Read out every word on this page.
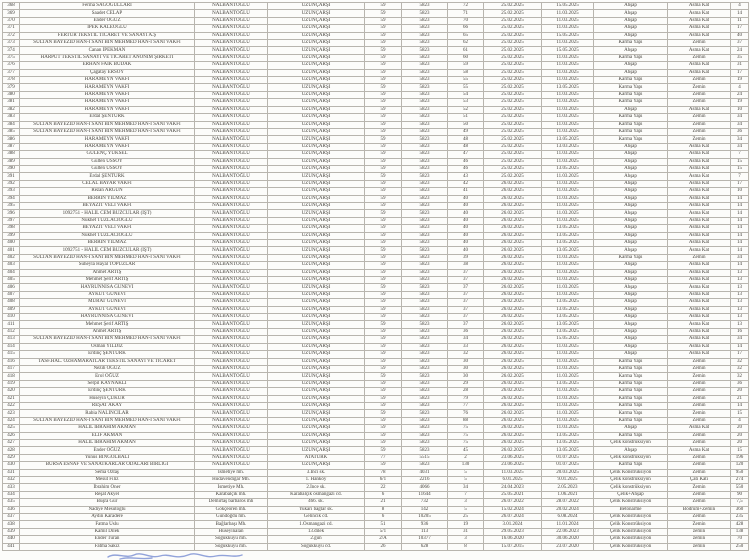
368	Feriha SAĞOĞULLARI	NALBANTOĞLU	UZUNÇARŞI	59	5823	72	25.02.2025	15.05.2025	Ahşap	Asma Kat	4
369	Saadet CELAP	NALBANTOĞLU	UZUNÇARŞI	59	5823	71	25.02.2025	11.03.2025	Ahşap	Asma Kat	14
370	Ender OĞUZ	NALBANTOĞLU	UZUNÇARŞI	59	5823	70	25.02.2025	11.03.2025	Ahşap	Asma Kat	11
371	İPEK KALEOĞLU	NALBANTOĞLU	UZUNÇARŞI	59	5823	66	25.02.2025	11.03.2025	Ahşap	Asma Kat	17
372	FERTUR TEKSTİL TİCARET VE SANAYİ A.Ş	NALBANTOĞLU	UZUNÇARŞI	59	5823	65	25.02.2025	15.05.2025	Ahşap	Asma Kat	40
373	SULTAN BAYEZİD HAN-I SANİ BİN MEHMED HAN-I SANİ VAKFI	NALBANTOĞLU	UZUNÇARŞI	59	5823	62	25.02.2025	11.03.2025	Karma Yapı	Zemin	37
374	Canan İPEKMAN	NALBANTOĞLU	UZUNÇARŞI	59	5823	61	25.02.2025	15.05.2025	Ahşap	Asma Kat	24
375	HARPUT TEKSTİL SANAYİ VE TİCARET ANONİM ŞİRKETİ	NALBANTOĞLU	UZUNÇARŞI	59	5823	60	25.02.2025	11.03.2025	Karma Yapı	Zemin	35
376	ERHAN FAİK BUDAK	NALBANTOĞLU	UZUNÇARŞI	59	5823	59	25.02.2025	11.03.2025	Ahşap	Asma Kat	31
377	Çağatay ERSOY	NALBANTOĞLU	UZUNÇARŞI	59	5823	58	25.02.2025	11.03.2025	Ahşap	Asma Kat	17
378	HARAMEYN VAKFI	NALBANTOĞLU	UZUNÇARŞI	59	5823	55	25.02.2025	11.03.2025	Karma Yapı	Zemin	19
379	HARAMEYN VAKFI	NALBANTOĞLU	UZUNÇARŞI	59	5823	55	25.02.2025	13.05.2025	Karma Yapı	Zemin	4
380	HARAMEYN VAKFI	NALBANTOĞLU	UZUNÇARŞI	59	5823	54	25.02.2025	11.03.2025	Karma Yapı	Zemin	24
381	HARAMEYN VAKFI	NALBANTOĞLU	UZUNÇARŞI	59	5823	53	25.02.2025	11.03.2025	Karma Yapı	Zemin	19
382	HARAMEYN VAKFI	NALBANTOĞLU	UZUNÇARŞI	59	5823	52	25.02.2025	11.03.2025	Ahşap	Asma Kat	10
383	Erdal ŞENTÜRK	NALBANTOĞLU	UZUNÇARŞI	59	5823	51	25.02.2025	11.03.2025	Karma Yapı	Zemin	34
384	SULTAN BAYEZİD HAN-I SANİ BİN MEHMED HAN-I SANİ VAKFI	NALBANTOĞLU	UZUNÇARŞI	59	5823	50	25.02.2025	11.03.2025	Karma Yapı	Zemin	34
385	SULTAN BAYEZİD HAN-I SANİ BİN MEHMED HAN-I SANİ VAKFI	NALBANTOĞLU	UZUNÇARŞI	59	5823	49	25.02.2025	11.03.2025	Karma Yapı	Zemin	36
386	HARAMEYN VAKFI	NALBANTOĞLU	UZUNÇARŞI	59	5823	48	25.02.2025	13.05.2025	Karma Yapı	Zemin	34
387	HARAMEYN VAKFI	NALBANTOĞLU	UZUNÇARŞI	59	5823	48	25.02.2025	13.03.2025	Ahşap	Asma Kat	34
388	GÜLENÇ YÜKSEL	NALBANTOĞLU	UZUNÇARŞI	59	5823	47	25.02.2025	11.03.2025	Ahşap	Asma Kat	7
389	Gülten USSOY	NALBANTOĞLU	UZUNÇARŞI	59	5823	46	25.02.2025	11.03.2025	Ahşap	Asma Kat	15
390	Gülten USSOY	NALBANTOĞLU	UZUNÇARŞI	59	5823	46	25.02.2025	13.05.2025	Ahşap	Asma Kat	15
391	Erdal ŞENTÜRK	NALBANTOĞLU	UZUNÇARŞI	59	5823	43	25.02.2025	11.03.2025	Ahşap	Asma Kat	7
392	CELAL BAYAR VAKFI	NALBANTOĞLU	UZUNÇARŞI	59	5823	42	26.02.2025	11.03.2025	Ahşap	Asma Kat	17
393	Rezan ARGUN	NALBANTOĞLU	UZUNÇARŞI	59	5823	41	26.02.2025	11.03.2025	Ahşap	Asma Kat	10
394	BERRİN YILMAZ	NALBANTOĞLU	UZUNÇARŞI	59	5823	40	26.02.2025	11.03.2025	Ahşap	Asma Kat	14
395	BEYAZIT VELİ VAKFI	NALBANTOĞLU	UZUNÇARŞI	59	5823	40	26.02.2025	11.03.2025	Ahşap	Asma Kat	14
396	1092751 - HALİL CEM BUZCULAR (İŞT)	NALBANTOĞLU	UZUNÇARŞI	59	5823	40	26.02.2025	11.03.2025	Ahşap	Asma Kat	14
397	Nükhet TUZLACIOĞLU	NALBANTOĞLU	UZUNÇARŞI	59	5823	40	26.02.2025	11.03.2025	Ahşap	Asma Kat	14
398	BEYAZIT VELİ VAKFI	NALBANTOĞLU	UZUNÇARŞI	59	5823	40	26.02.2025	13.05.2025	Ahşap	Asma Kat	14
399	Nükhet TUZLACIOĞLU	NALBANTOĞLU	UZUNÇARŞI	59	5823	40	26.02.2025	13.05.2025	Ahşap	Asma Kat	14
400	BERRİN YILMAZ	NALBANTOĞLU	UZUNÇARŞI	59	5823	40	26.02.2025	13.05.2025	Ahşap	Asma Kat	14
401	1092751 - HALİL CEM BUZCULAR (İŞT)	NALBANTOĞLU	UZUNÇARŞI	59	5823	40	26.02.2025	13.05.2025	Ahşap	Asma Kat	14
402	SULTAN BAYEZİD HAN-I SANİ BİN MEHMED HAN-I SANİ VAKFI	NALBANTOĞLU	UZUNÇARŞI	59	5823	39	26.02.2025	11.03.2025	Karma Yapı	Zemin	34
403	Süheyla Hayal TOPUZLAR	NALBANTOĞLU	UZUNÇARŞI	59	5823	38	26.02.2025	11.03.2025	Ahşap	Asma Kat	14
404	Ahmet ARTİŞ	NALBANTOĞLU	UZUNÇARŞI	59	5823	37	26.02.2025	11.03.2025	Ahşap	Asma Kat	13
405	Mehmet Şerif ARTİŞ	NALBANTOĞLU	UZUNÇARŞI	59	5823	37	26.02.2025	11.03.2025	Ahşap	Asma Kat	13
406	HAYRUNNİSA GÜNEVİ	NALBANTOĞLU	UZUNÇARŞI	59	5823	37	26.02.2025	11.03.2025	Ahşap	Asma Kat	13
407	AYKUT GÜNEVİ	NALBANTOĞLU	UZUNÇARŞI	59	5823	37	26.02.2025	11.03.2025	Ahşap	Asma Kat	13
408	MURAT GÜNEVİ	NALBANTOĞLU	UZUNÇARŞI	59	5823	37	26.02.2025	13.05.2025	Ahşap	Asma Kat	13
409	AYKUT GÜNEVİ	NALBANTOĞLU	UZUNÇARŞI	59	5823	37	26.02.2025	13.05.2025	Ahşap	Asma Kat	13
410	HAYRUNNİSA GÜNEVİ	NALBANTOĞLU	UZUNÇARŞI	59	5823	37	26.02.2025	13.05.2025	Ahşap	Asma Kat	13
411	Mehmet Şerif ARTİŞ	NALBANTOĞLU	UZUNÇARŞI	59	5823	37	26.02.2025	13.05.2025	Ahşap	Asma Kat	13
412	Ahmet ARTİŞ	NALBANTOĞLU	UZUNÇARŞI	59	5823	36	26.02.2025	13.05.2025	Ahşap	Asma Kat	16
413	SULTAN BAYEZİD HAN-I SANİ BİN MEHMED HAN-I SANİ VAKFI	NALBANTOĞLU	UZUNÇARŞI	59	5823	34	26.02.2025	15.05.2025	Ahşap	Asma Kat	34
414	Osman YILDIZ	NALBANTOĞLU	UZUNÇARŞI	59	5823	33	26.02.2025	11.03.2025	Ahşap	Asma Kat	14
415	Erdinç ŞENTÜRK	NALBANTOĞLU	UZUNÇARŞI	59	5823	32	26.02.2025	11.03.2025	Ahşap	Asma Kat	17
416	TASF.HAL. ÖZHAMARATLAR TEKSTİL SANAYİ VE TİCARET	NALBANTOĞLU	UZUNÇARŞI	59	5823	30	26.02.2025	11.03.2025	Karma Yapı	Zemin	32
417	Nezih OĞUZ	NALBANTOĞLU	UZUNÇARŞI	59	5823	30	26.02.2025	11.03.2025	Karma Yapı	Zemin	32
418	Erol OĞUZ	NALBANTOĞLU	UZUNÇARŞI	59	5823	30	26.02.2025	11.03.2025	Karma Yapı	Zemin	32
419	Serpil KAYNAKLI	NALBANTOĞLU	UZUNÇARŞI	59	5823	29	26.02.2025	13.05.2025	Karma Yapı	Zemin	36
420	Erdinç ŞENTÜRK	NALBANTOĞLU	UZUNÇARŞI	59	5823	28	26.02.2025	11.03.2025	Karma Yapı	Zemin	20
421	Hüseyin ÇUKUR	NALBANTOĞLU	UZUNÇARŞI	59	5823	79	26.02.2025	11.03.2025	Karma Yapı	Zemin	21
422	REŞAT AKAY	NALBANTOĞLU	UZUNÇARŞI	59	5823	77	26.02.2025	11.03.2025	Karma Yapı	Zemin	14
423	Rabia NALINCILAR	NALBANTOĞLU	UZUNÇARŞI	59	5823	76	26.02.2025	11.03.2025	Karma Yapı	Zemin	15
424	SULTAN BAYEZİD HAN-I SANİ BİN MEHMED HAN-I SANİ VAKFI	NALBANTOĞLU	UZUNÇARŞI	59	5823	88	26.02.2025	11.03.2025	Karma Yapı	Zemin	4
425	HALİL İBRAHİM AKMAN	NALBANTOĞLU	UZUNÇARŞI	59	5823	75	26.02.2025	11.03.2025	Ahşap	Asma Kat	20
426	ELİF AKMAN	NALBANTOĞLU	UZUNÇARŞI	59	5823	75	26.02.2025	13.05.2025	Karma Yapı	Zemin	20
427	HALİL İBRAHİM AKMAN	NALBANTOĞLU	UZUNÇARŞI	59	5823	75	26.02.2025	13.05.2025	Çelik konstrüksiyon	Zemin	20
428	Ender OĞUZ	NALBANTOĞLU	UZUNÇARŞI	59	5823	45	26.02.2025	13.05.2025	Ahşap	Asma Kat	15
429	Yunus BİNGÖLBALI	NALBANTOĞLU	ATATÜRK	77	5515	2	23.06.2025	01.07.2025	Çelik konstrüksiyon	Zemin	196
430	BURSA ESNAF VE SANATKARLAR ODALARI BİRLİĞİ	NALBANTOĞLU	UZUNÇARŞI	59	5823	130	23.06.2025	01.07.2025	Karma Yapı	Zemin	120
431	Sema Öztaş	İsmetiye mh.	3.İnci sk.	78	4031	5	11.03.2025	20.03.2025	Çelik Konstrüksiyon	Zemin	950
432	Mesut Filiz	Hüdavendigar Mh.	1. Hanköy	6/1	2216	5	6.01.2025	9.01.2025	Çelik konstrüksiyon	Çatı Katı	274
433	İbrahim Öner	İsmetiye Mh.	2.İnce sk.	22	4066	34	24.04.2023	2.05.2023	Çelik konstrüksiyon	Zemin	550
434	Reşat Akyel	Karabalçık mh.	Karabalçık osmangazi cd.	6	11644	7	25.05.2021	1.06.2021	Çelik+Ahşap	Zemin	90
435	Büşra Gür	Demirtaş barbaros mh	466. sk.	21	732	3	26.07.2022	28.07.2022	Çelik Konstrüksiyon	Zemin	7,5
436	Nadiye Mesutoğlu	Gökçeören mh.	Yukarı bağlar sk.	8	142	5	15.02.2024	20.02.2024	Betonarme	Bodrum+Zemin	360
437	Aydın Karadere	Gündoğdu mh.	Gelincik cd.	6	10205	25	26.07.2024	6.08.2024	Çelik Konstrüksiyon	Zemin	235
438	Fatma Uslu	Bağlarbaşı Mh.	1.Osmangazi cd.	51	936	19	3.01.2024	11.01.2024	Çelik Konstrüksiyon	Zemin	428
439	Kamil Dilek	Hüseyinalan	13.dilek	5/1	113	31	29.05.2023	22.06.2023	Çelik Konstrüksiyon	zemin	138
440	Ender Turan	Soğukkuyu mh.	2.gün	2/A	10377	3	16.06.2020	30.06.2020	Çelik Konstrüksiyon	zemin	70
441	Fatma Sakız	Soğukkuyu mh.	Soğukkuyu cd.	26	628	8	15.07.2015	23.07.2020	Çelik Konstrüksiyon	zemin	250
